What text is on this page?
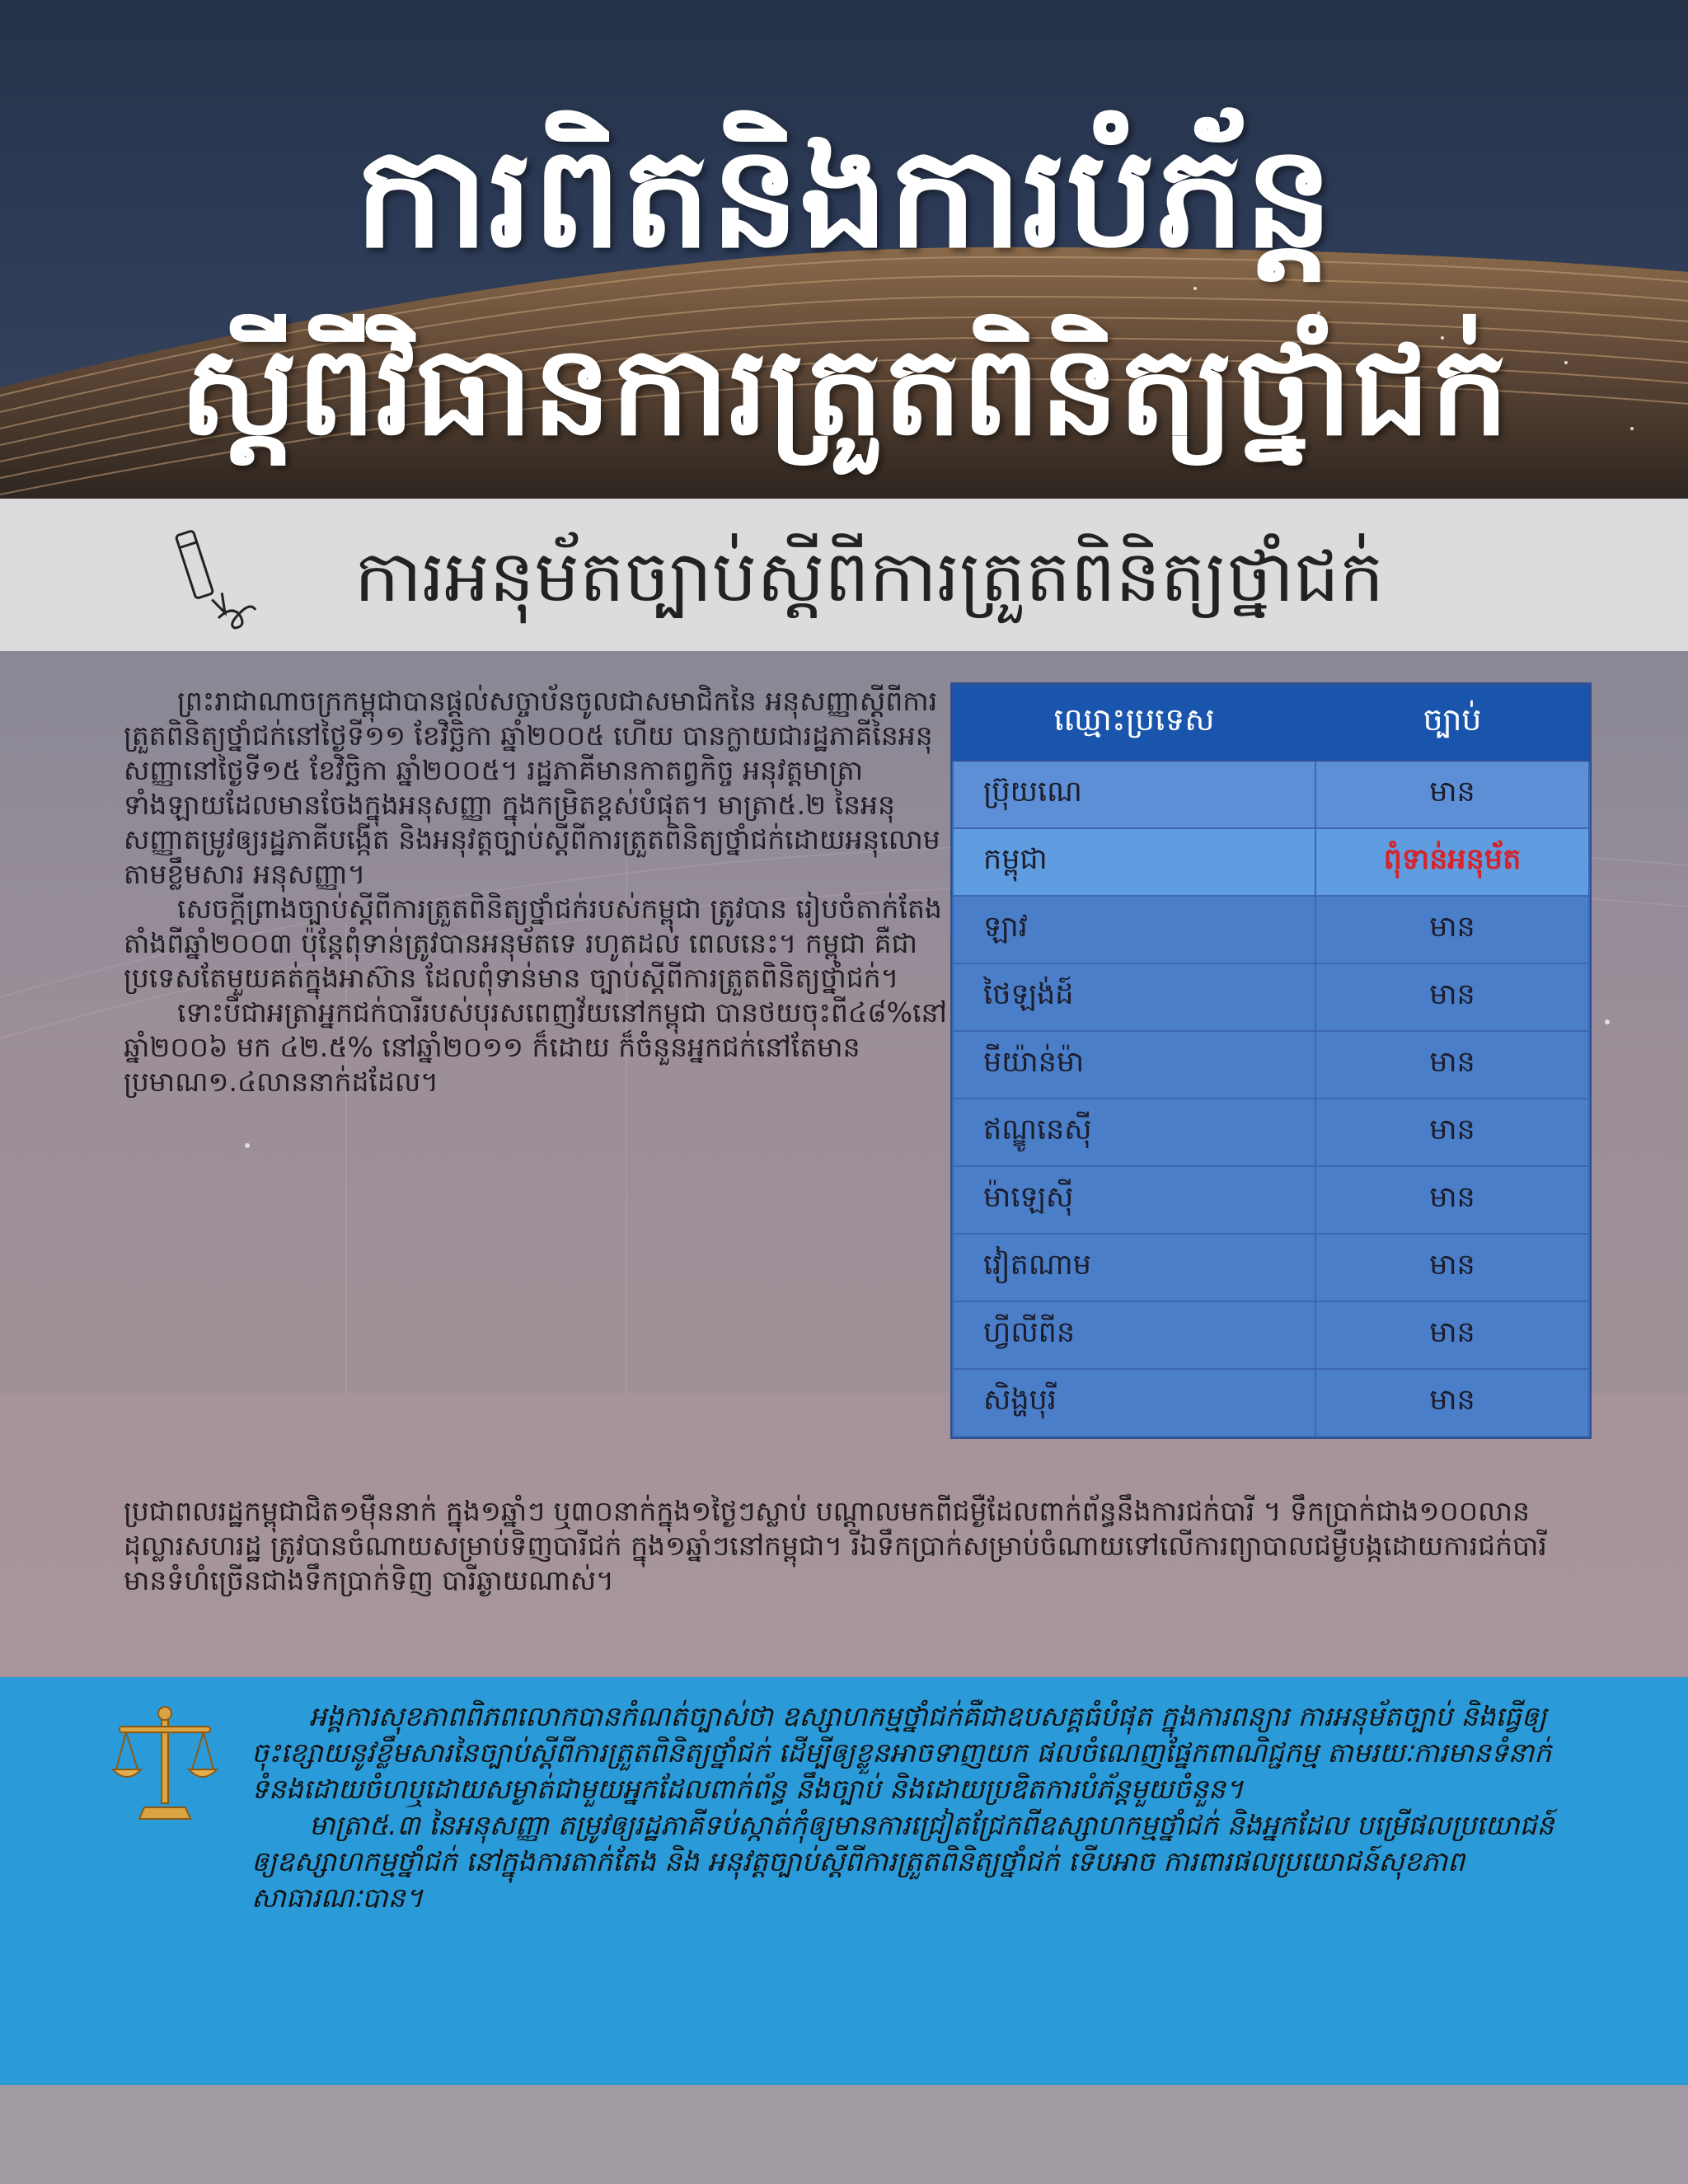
ការពិតនិងការបំភ័ន្ត
ស្តីពីវិធានការត្រួតពិនិត្យថ្នាំជក់
ការអនុម័តច្បាប់ស្តីពីការត្រួតពិនិត្យថ្នាំជក់

ព្រះរាជាណាចក្រកម្ពុជាបានផ្តល់សច្ចាប័នចូលជាសមាជិកនៃ អនុសញ្ញាស្តីពីការត្រួតពិនិត្យថ្នាំជក់នៅថ្ងៃទី១១ ខែវិច្ឆិកា ឆ្នាំ២០០៥ ហើយ បានក្លាយជារដ្ឋភាគីនៃអនុសញ្ញានៅថ្ងៃទី១៥ ខែវិច្ឆិកា ឆ្នាំ២០០៥។ រដ្ឋភាគីមានកាតព្វកិច្ច អនុវត្តមាត្រាទាំងឡាយដែលមានចែងក្នុងអនុសញ្ញា ក្នុងកម្រិតខ្ពស់បំផុត។ មាត្រា៥.២ នៃអនុសញ្ញាតម្រូវឲ្យរដ្ឋភាគីបង្កើត និងអនុវត្តច្បាប់ស្តីពីការត្រួតពិនិត្យថ្នាំជក់ដោយអនុលោមតាមខ្លឹមសារ អនុសញ្ញា។

សេចក្តីព្រាងច្បាប់ស្តីពីការត្រួតពិនិត្យថ្នាំជក់របស់កម្ពុជា ត្រូវបាន រៀបចំតាក់តែងតាំងពីឆ្នាំ២០០៣ ប៉ុន្តែពុំទាន់ត្រូវបានអនុម័តទេ រហូតដល់ ពេលនេះ។ កម្ពុជា គឺជាប្រទេសតែមួយគត់ក្នុងអាស៊ាន ដែលពុំទាន់មាន ច្បាប់ស្តីពីការត្រួតពិនិត្យថ្នាំជក់។

ទោះបីជាអត្រាអ្នកជក់បារីរបស់បុរសពេញវ័យនៅកម្ពុជា បានថយចុះពី៤៨%នៅឆ្នាំ២០០៦ មក ៤២.៥% នៅឆ្នាំ២០១១ ក៏ដោយ ក៏ចំនួនអ្នកជក់នៅតែមានប្រមាណ១.៤លាននាក់ដដែល។

ឈ្មោះប្រទេស	ច្បាប់
ប្រ៊ុយណេ	មាន
កម្ពុជា	ពុំទាន់អនុម័ត
ឡាវ	មាន
ថៃឡង់ដ៍	មាន
មីយ៉ាន់ម៉ា	មាន
ឥណ្ឌូនេស៊ី	មាន
ម៉ាឡេស៊ី	មាន
វៀតណាម	មាន
ហ្វីលីពីន	មាន
សិង្ហបុរី	មាន

ប្រជាពលរដ្ឋកម្ពុជាជិត១ម៉ឺននាក់ ក្នុង១ឆ្នាំៗ ឬ៣០នាក់ក្នុង១ថ្ងៃៗស្លាប់ បណ្តាលមកពីជម្ងឺដែលពាក់ព័ន្ធនឹងការជក់បារី ។ ទឹកប្រាក់ជាង១០០លានដុល្លារសហរដ្ឋ ត្រូវបានចំណាយសម្រាប់ទិញបារីជក់ ក្នុង១ឆ្នាំៗនៅកម្ពុជា។ រីឯទឹកប្រាក់សម្រាប់ចំណាយទៅលើការព្យាបាលជម្ងឺបង្កដោយការជក់បារី មានទំហំច្រើនជាងទឹកប្រាក់ទិញ បារីឆ្ងាយណាស់។

អង្គការសុខភាពពិភពលោកបានកំណត់ច្បាស់ថា ឧស្សាហកម្មថ្នាំជក់គឺជាឧបសគ្គធំបំផុត ក្នុងការពន្យារ ការអនុម័តច្បាប់ និងធ្វើឲ្យចុះខ្សោយនូវខ្លឹមសារនៃច្បាប់ស្តីពីការត្រួតពិនិត្យថ្នាំជក់ ដើម្បីឲ្យខ្លួនអាចទាញយក ផលចំណេញផ្នែកពាណិជ្ជកម្ម តាមរយៈការមានទំនាក់ទំនងដោយចំហឬដោយសម្ងាត់ជាមួយអ្នកដែលពាក់ព័ន្ធ នឹងច្បាប់ និងដោយប្រឌិតការបំភ័ន្តមួយចំនួន។

មាត្រា៥.៣ នៃអនុសញ្ញា តម្រូវឲ្យរដ្ឋភាគីទប់ស្កាត់កុំឲ្យមានការជ្រៀតជ្រែកពីឧស្សាហកម្មថ្នាំជក់ និងអ្នកដែល បម្រើផលប្រយោជន៍ឲ្យឧស្សាហកម្មថ្នាំជក់ នៅក្នុងការតាក់តែង និង អនុវត្តច្បាប់ស្តីពីការត្រួតពិនិត្យថ្នាំជក់ ទើបអាច ការពារផលប្រយោជន៍សុខភាពសាធារណៈបាន។
